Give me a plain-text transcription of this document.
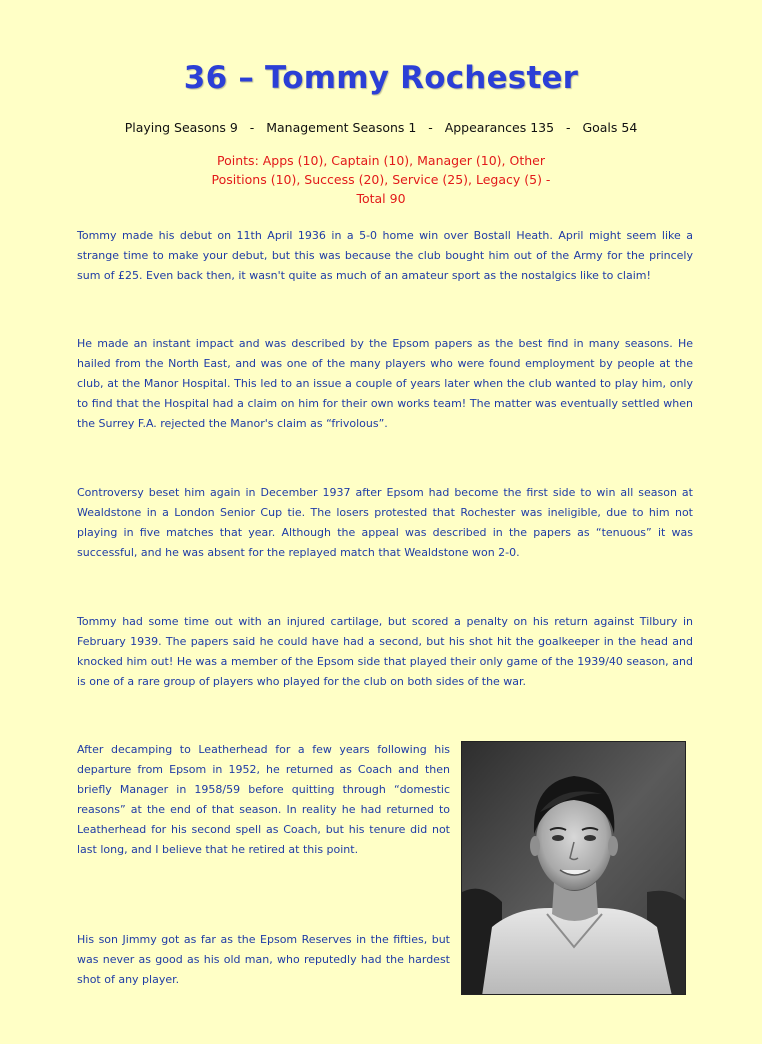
36 – Tommy Rochester
Playing Seasons 9   -   Management Seasons 1   -   Appearances 135   -   Goals 54
Points: Apps (10), Captain (10), Manager (10), Other Positions (10), Success (20), Service (25), Legacy (5) - Total 90

Tommy made his debut on 11th April 1936 in a 5-0 home win over Bostall Heath. April might seem like a strange time to make your debut, but this was because the club bought him out of the Army for the princely sum of £25. Even back then, it wasn't quite as much of an amateur sport as the nostalgics like to claim!

He made an instant impact and was described by the Epsom papers as the best find in many seasons. He hailed from the North East, and was one of the many players who were found employment by people at the club, at the Manor Hospital. This led to an issue a couple of years later when the club wanted to play him, only to find that the Hospital had a claim on him for their own works team! The matter was eventually settled when the Surrey F.A. rejected the Manor's claim as “frivolous”.

Controversy beset him again in December 1937 after Epsom had become the first side to win all season at Wealdstone in a London Senior Cup tie. The losers protested that Rochester was ineligible, due to him not playing in five matches that year. Although the appeal was described in the papers as “tenuous” it was successful, and he was absent for the replayed match that Wealdstone won 2-0.

Tommy had some time out with an injured cartilage, but scored a penalty on his return against Tilbury in February 1939. The papers said he could have had a second, but his shot hit the goalkeeper in the head and knocked him out! He was a member of the Epsom side that played their only game of the 1939/40 season, and is one of a rare group of players who played for the club on both sides of the war.

After decamping to Leatherhead for a few years following his departure from Epsom in 1952, he returned as Coach and then briefly Manager in 1958/59 before quitting through “domestic reasons” at the end of that season. In reality he had returned to Leatherhead for his second spell as Coach, but his tenure did not last long, and I believe that he retired at this point.

His son Jimmy got as far as the Epsom Reserves in the fifties, but was never as good as his old man, who reputedly had the hardest shot of any player.
